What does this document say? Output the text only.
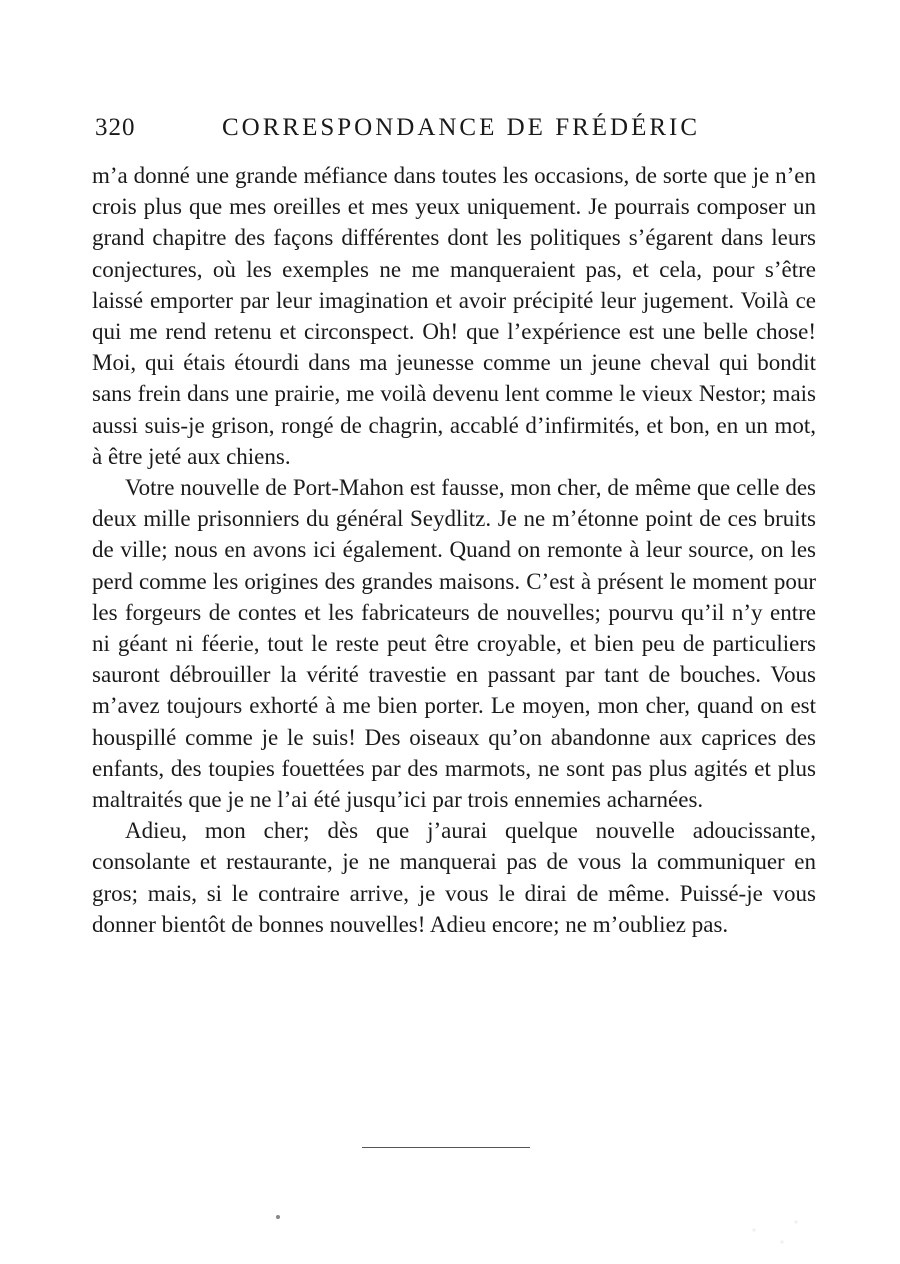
320	CORRESPONDANCE DE FRÉDÉRIC

m’a donné une grande méfiance dans toutes les occasions, de sorte que je n’en crois plus que mes oreilles et mes yeux uniquement. Je pourrais composer un grand chapitre des façons différentes dont les politiques s’égarent dans leurs conjectures, où les exemples ne me manqueraient pas, et cela, pour s’être laissé emporter par leur imagination et avoir précipité leur jugement. Voilà ce qui me rend retenu et circonspect. Oh! que l’expérience est une belle chose! Moi, qui étais étourdi dans ma jeunesse comme un jeune cheval qui bondit sans frein dans une prairie, me voilà devenu lent comme le vieux Nestor; mais aussi suis-je grison, rongé de chagrin, accablé d’infirmités, et bon, en un mot, à être jeté aux chiens.

Votre nouvelle de Port-Mahon est fausse, mon cher, de même que celle des deux mille prisonniers du général Seydlitz. Je ne m’étonne point de ces bruits de ville; nous en avons ici également. Quand on remonte à leur source, on les perd comme les origines des grandes maisons. C’est à présent le moment pour les forgeurs de contes et les fabricateurs de nouvelles; pourvu qu’il n’y entre ni géant ni féerie, tout le reste peut être croyable, et bien peu de particuliers sauront débrouiller la vérité travestie en passant par tant de bouches. Vous m’avez toujours exhorté à me bien porter. Le moyen, mon cher, quand on est houspillé comme je le suis! Des oiseaux qu’on abandonne aux caprices des enfants, des toupies fouettées par des marmots, ne sont pas plus agités et plus maltraités que je ne l’ai été jusqu’ici par trois ennemies acharnées.

Adieu, mon cher; dès que j’aurai quelque nouvelle adoucissante, consolante et restaurante, je ne manquerai pas de vous la communiquer en gros; mais, si le contraire arrive, je vous le dirai de même. Puissé-je vous donner bientôt de bonnes nouvelles! Adieu encore; ne m’oubliez pas.
